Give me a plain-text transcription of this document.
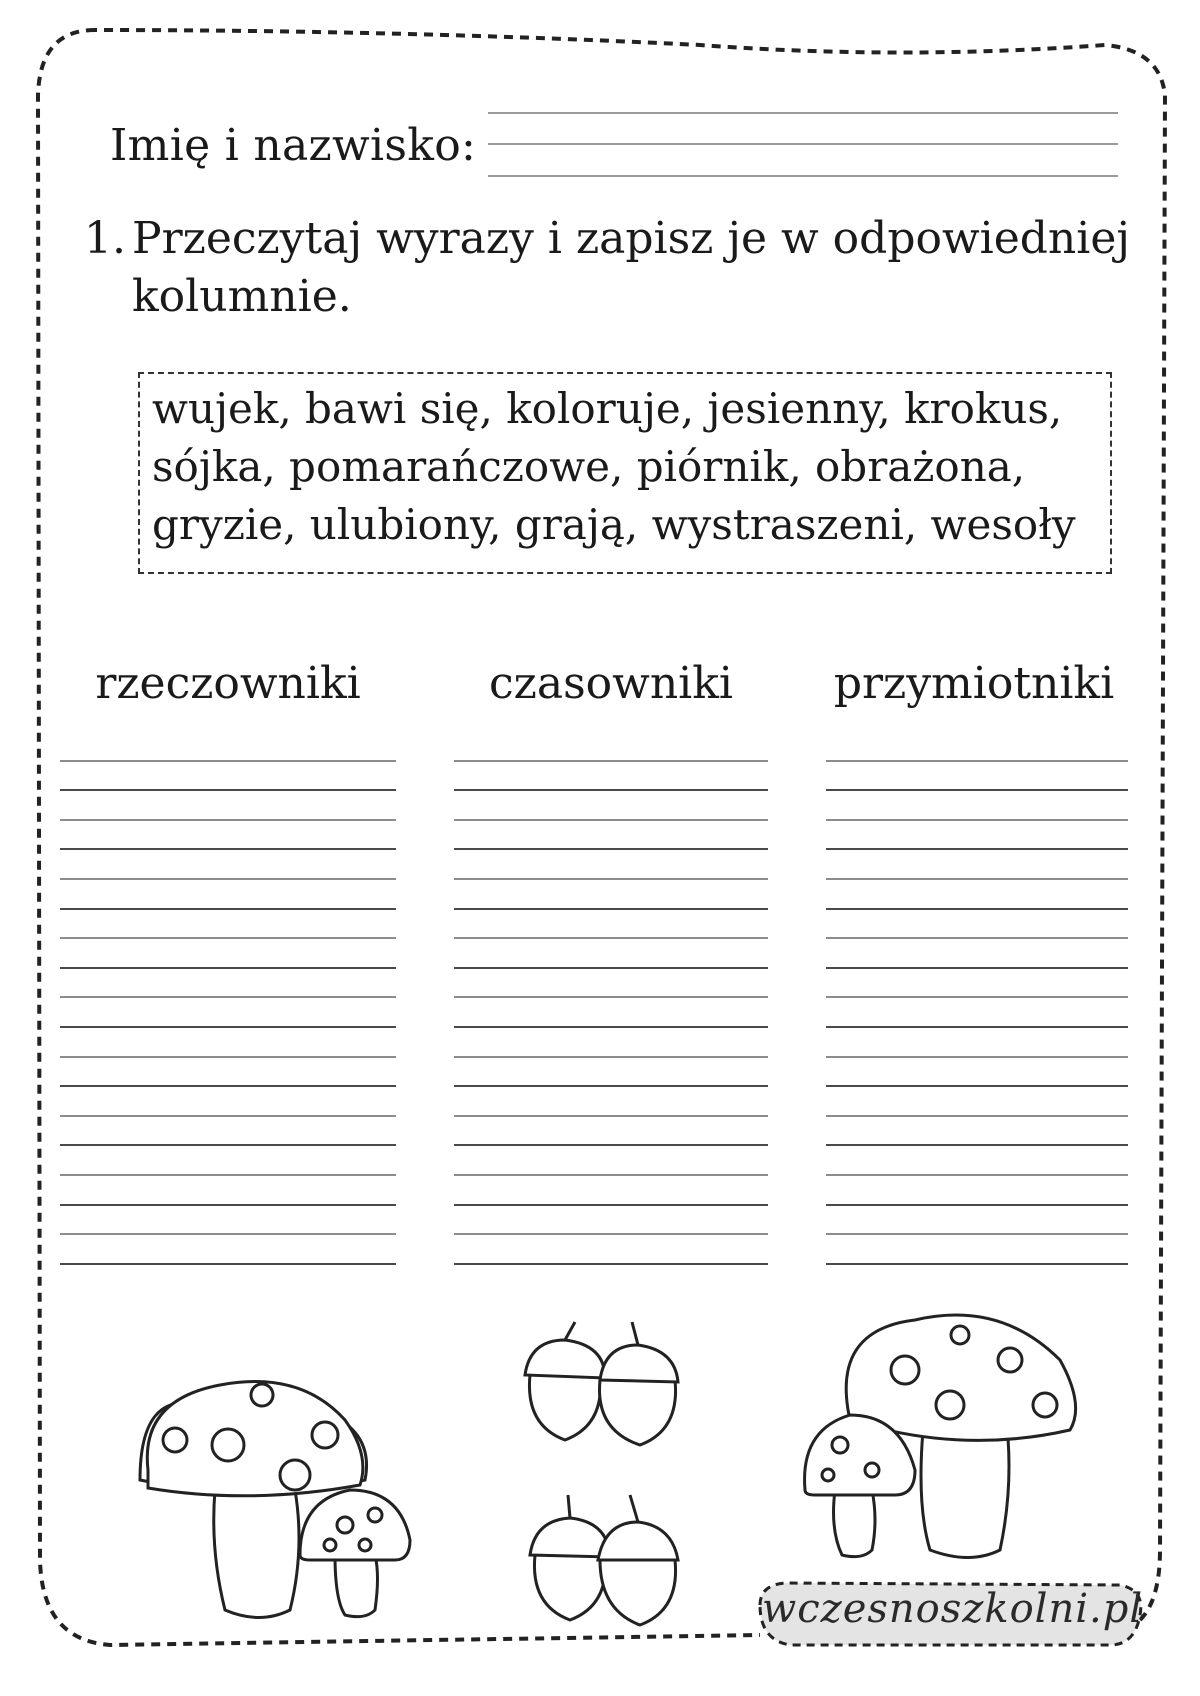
Imię i nazwisko:
1. Przeczytaj wyrazy i zapisz je w odpowiedniej
kolumnie.
wujek, bawi się, koloruje, jesienny, krokus,
sójka, pomarańczowe, piórnik, obrażona,
gryzie, ulubiony, grają, wystraszeni, wesoły
rzeczowniki	czasowniki	przymiotniki
wczesnoszkolni.pl
